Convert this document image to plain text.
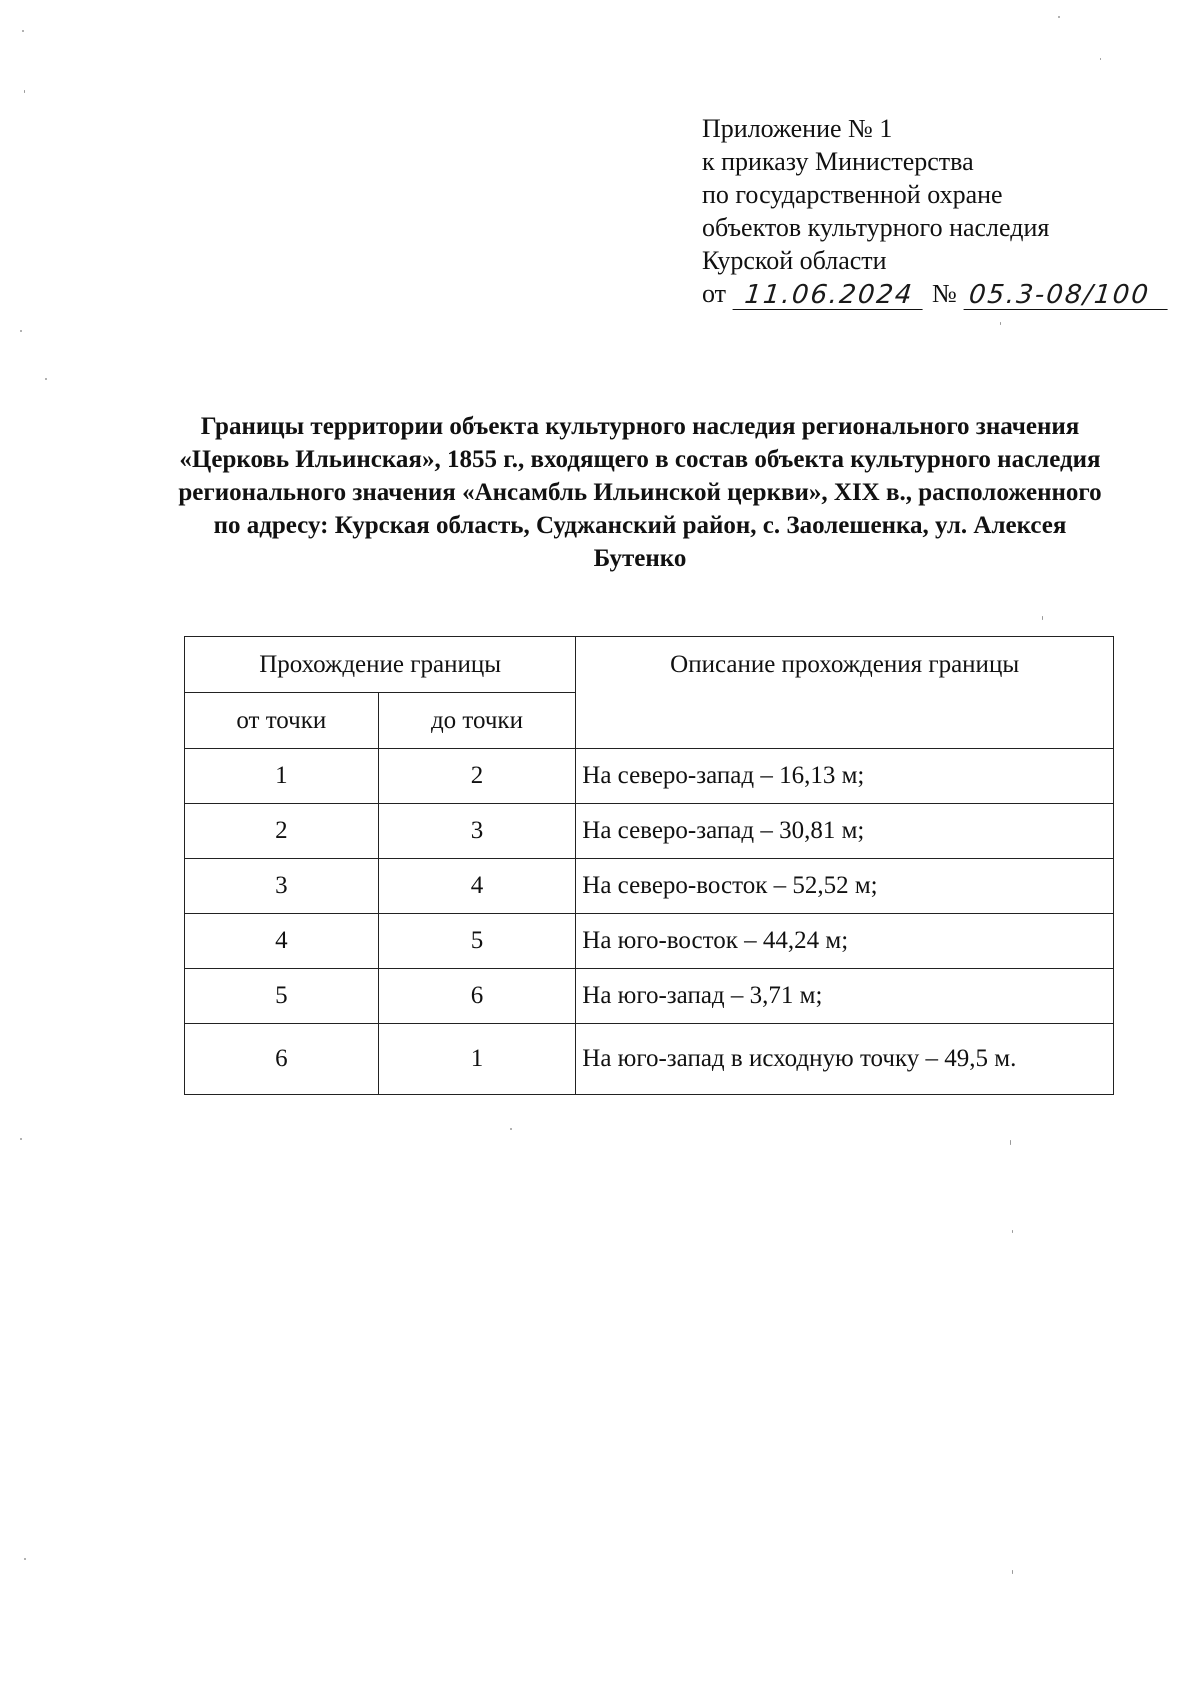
Приложение № 1
к приказу Министерства
по государственной охране
объектов культурного наследия
Курской области
от 11.06.2024 № 05.3-08/100
Границы территории объекта культурного наследия регионального значения «Церковь Ильинская», 1855 г., входящего в состав объекта культурного наследия регионального значения «Ансамбль Ильинской церкви», XIX в., расположенного по адресу: Курская область, Суджанский район, с. Заолешенка, ул. Алексея Бутенко
Прохождение границы		Описание прохождения границы
от точки	до точки	
1	2	На северо-запад – 16,13 м;
2	3	На северо-запад – 30,81 м;
3	4	На северо-восток – 52,52 м;
4	5	На юго-восток – 44,24 м;
5	6	На юго-запад – 3,71 м;
6	1	На юго-запад в исходную точку – 49,5 м.
